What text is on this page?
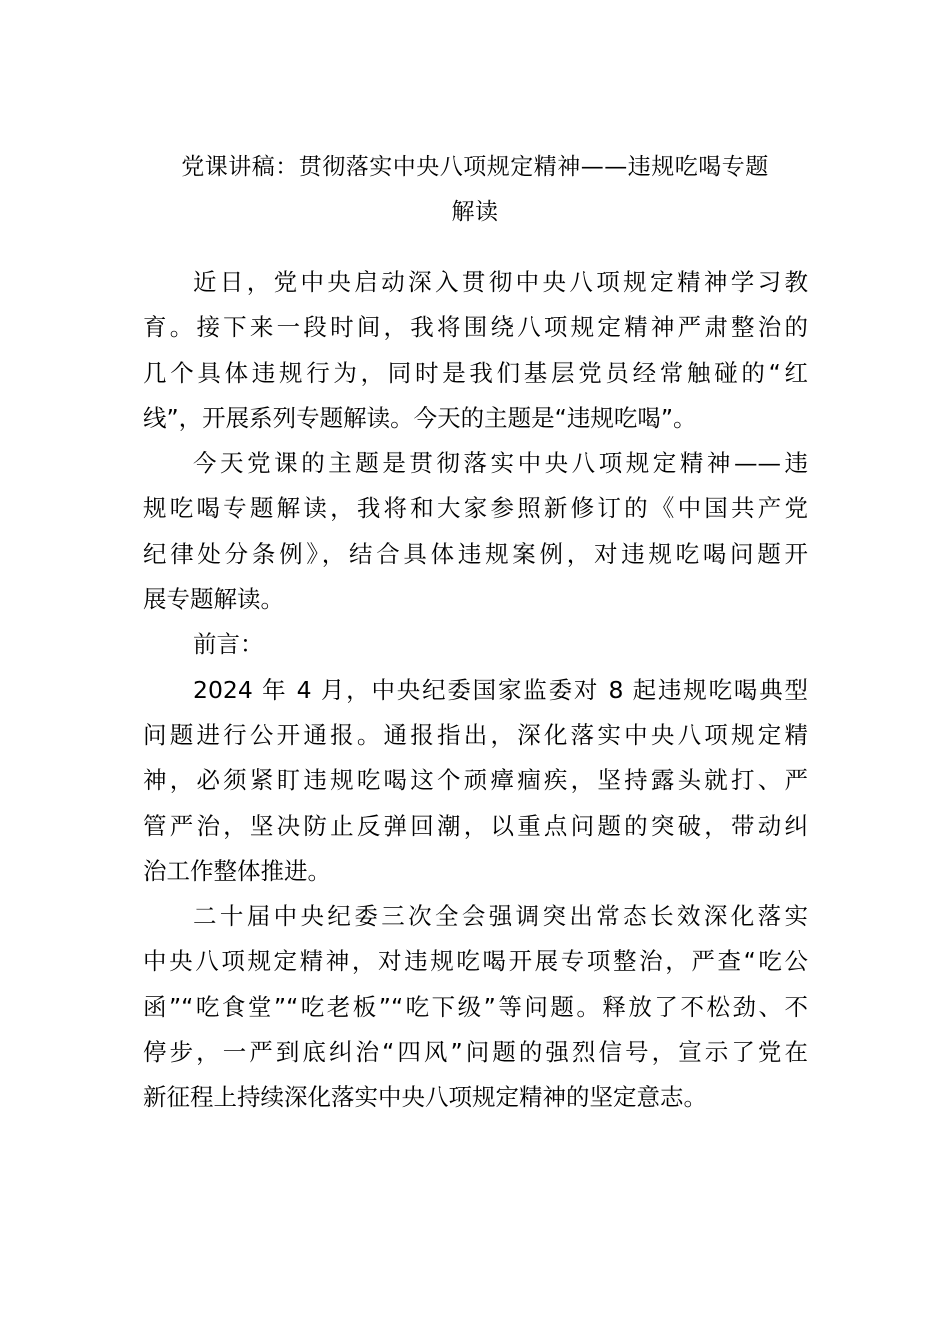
党课讲稿：贯彻落实中央八项规定精神——违规吃喝专题
解读
近日，党中央启动深入贯彻中央八项规定精神学习教
育。接下来一段时间，我将围绕八项规定精神严肃整治的
几个具体违规行为，同时是我们基层党员经常触碰的“红
线”，开展系列专题解读。今天的主题是“违规吃喝”。
今天党课的主题是贯彻落实中央八项规定精神——违
规吃喝专题解读，我将和大家参照新修订的《中国共产党
纪律处分条例》，结合具体违规案例，对违规吃喝问题开
展专题解读。
前言：
2024 年 4 月，中央纪委国家监委对 8 起违规吃喝典型
问题进行公开通报。通报指出，深化落实中央八项规定精
神，必须紧盯违规吃喝这个顽瘴痼疾，坚持露头就打、严
管严治，坚决防止反弹回潮，以重点问题的突破，带动纠
治工作整体推进。
二十届中央纪委三次全会强调突出常态长效深化落实
中央八项规定精神，对违规吃喝开展专项整治，严查“吃公
函”“吃食堂”“吃老板”“吃下级”等问题。释放了不松劲、不
停步，一严到底纠治“四风”问题的强烈信号，宣示了党在
新征程上持续深化落实中央八项规定精神的坚定意志。
